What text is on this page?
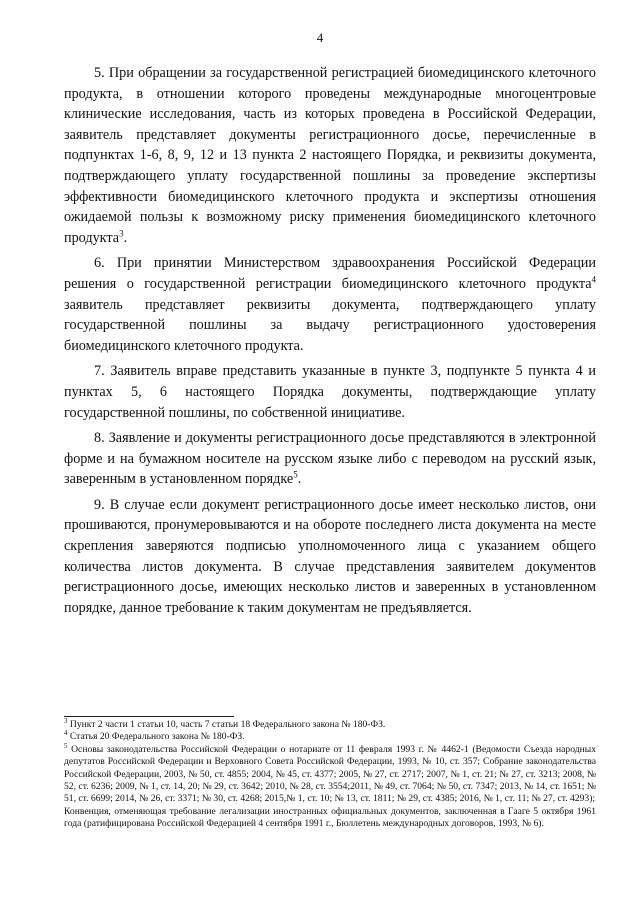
4

5. При обращении за государственной регистрацией биомедицинского клеточного продукта, в отношении которого проведены международные многоцентровые клинические исследования, часть из которых проведена в Российской Федерации, заявитель представляет документы регистрационного досье, перечисленные в подпунктах 1-6, 8, 9, 12 и 13 пункта 2 настоящего Порядка, и реквизиты документа, подтверждающего уплату государственной пошлины за проведение экспертизы эффективности биомедицинского клеточного продукта и экспертизы отношения ожидаемой пользы к возможному риску применения биомедицинского клеточного продукта$^3$.

6. При принятии Министерством здравоохранения Российской Федерации решения о государственной регистрации биомедицинского клеточного продукта$^4$ заявитель представляет реквизиты документа, подтверждающего уплату государственной пошлины за выдачу регистрационного удостоверения биомедицинского клеточного продукта.

7. Заявитель вправе представить указанные в пункте 3, подпункте 5 пункта 4 и пунктах 5, 6 настоящего Порядка документы, подтверждающие уплату государственной пошлины, по собственной инициативе.

8. Заявление и документы регистрационного досье представляются в электронной форме и на бумажном носителе на русском языке либо с переводом на русский язык, заверенным в установленном порядке$^5$.

9. В случае если документ регистрационного досье имеет несколько листов, они прошиваются, пронумеровываются и на обороте последнего листа документа на месте скрепления заверяются подписью уполномоченного лица с указанием общего количества листов документа. В случае представления заявителем документов регистрационного досье, имеющих несколько листов и заверенных в установленном порядке, данное требование к таким документам не предъявляется.

$^3$ Пункт 2 части 1 статьи 10, часть 7 статьи 18 Федерального закона № 180-ФЗ.

$^4$ Статья 20 Федерального закона № 180-ФЗ.

$^5$ Основы законодательства Российской Федерации о нотариате от 11 февраля 1993 г. № 4462-1 (Ведомости Съезда народных депутатов Российской Федерации и Верховного Совета Российской Федерации, 1993, № 10, ст. 357; Собрание законодательства Российской Федерации, 2003, № 50, ст. 4855; 2004, № 45, ст. 4377; 2005, № 27, ст. 2717; 2007, № 1, ст. 21; № 27, ст. 3213; 2008, № 52, ст. 6236; 2009, № 1, ст. 14, 20; № 29, ст. 3642; 2010, № 28, ст. 3554;2011, № 49, ст. 7064; № 50, ст. 7347; 2013, № 14, ст. 1651; № 51, ст. 6699; 2014, № 26, ст. 3371; № 30, ст. 4268; 2015,№ 1, ст. 10; № 13, ст. 1811; № 29, ст. 4385; 2016, № 1, ст. 11; № 27, ст. 4293);

Конвенция, отменяющая требование легализации иностранных официальных документов, заключенная в Гааге 5 октября 1961 года (ратифицирована Российской Федерацией 4 сентября 1991 г., Бюллетень международных договоров, 1993, № 6).
